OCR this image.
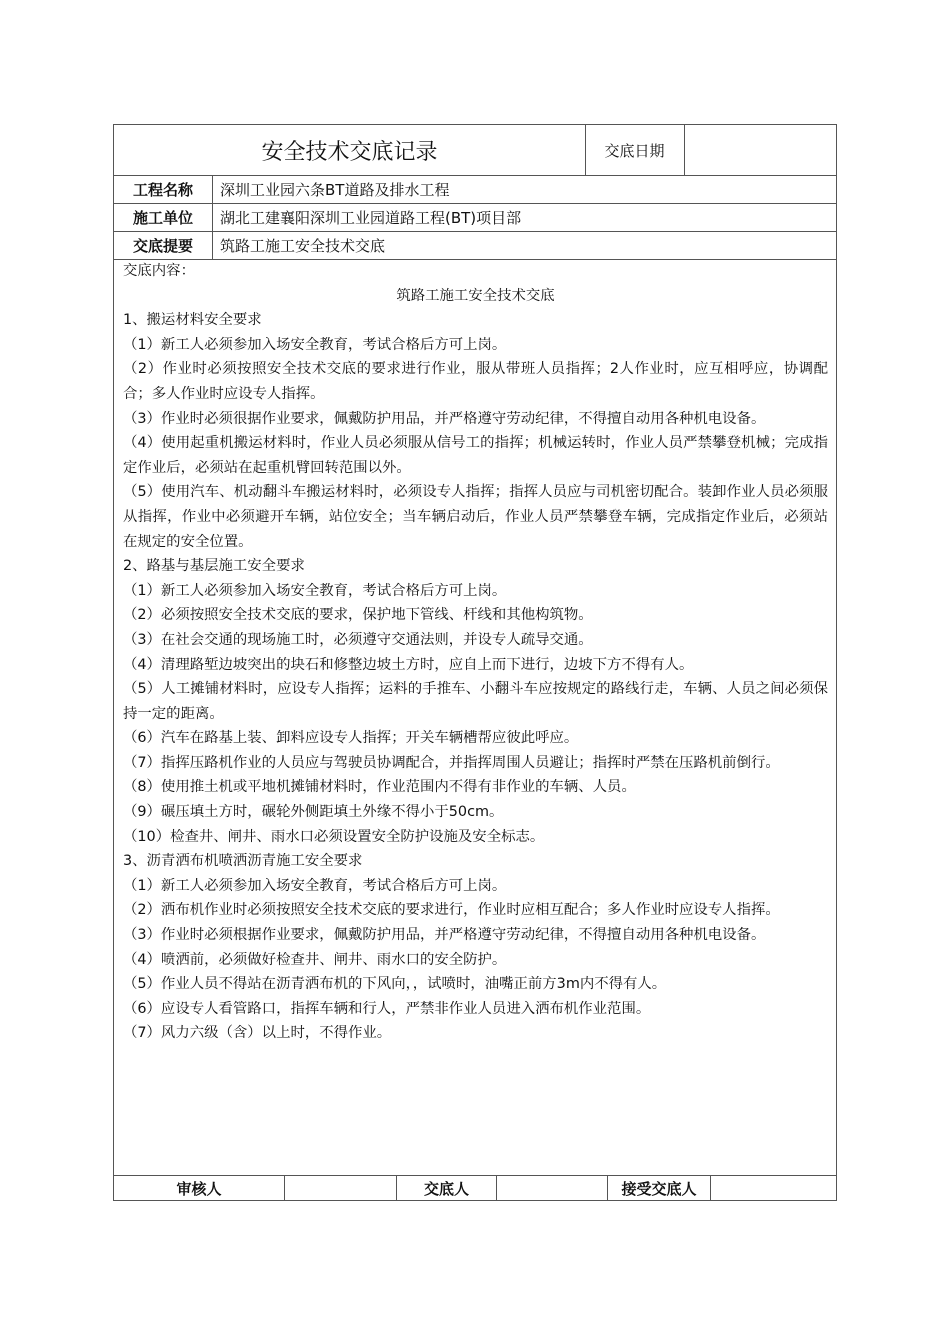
安全技术交底记录	交底日期
工程名称	深圳工业园六条BT道路及排水工程
施工单位	湖北工建襄阳深圳工业园道路工程(BT)项目部
交底提要	筑路工施工安全技术交底

交底内容：

筑路工施工安全技术交底

1、搬运材料安全要求

（1）新工人必须参加入场安全教育，考试合格后方可上岗。

（2）作业时必须按照安全技术交底的要求进行作业，服从带班人员指挥；2人作业时，应互相呼应，协调配合；多人作业时应设专人指挥。

（3）作业时必须很据作业要求，佩戴防护用品，并严格遵守劳动纪律，不得擅自动用各种机电设备。

（4）使用起重机搬运材料时，作业人员必须服从信号工的指挥；机械运转时，作业人员严禁攀登机械；完成指定作业后，必须站在起重机臂回转范围以外。

（5）使用汽车、机动翻斗车搬运材料时，必须设专人指挥；指挥人员应与司机密切配合。装卸作业人员必须服从指挥，作业中必须避开车辆，站位安全；当车辆启动后，作业人员严禁攀登车辆，完成指定作业后，必须站在规定的安全位置。

2、路基与基层施工安全要求

（1）新工人必须参加入场安全教育，考试合格后方可上岗。

（2）必须按照安全技术交底的要求，保护地下管线、杆线和其他构筑物。

（3）在社会交通的现场施工时，必须遵守交通法则，并设专人疏导交通。

（4）清理路堑边坡突出的块石和修整边坡土方时，应自上而下进行，边坡下方不得有人。

（5）人工摊铺材料时，应设专人指挥；运料的手推车、小翻斗车应按规定的路线行走，车辆、人员之间必须保持一定的距离。

（6）汽车在路基上装、卸料应设专人指挥；开关车辆槽帮应彼此呼应。

（7）指挥压路机作业的人员应与驾驶员协调配合，并指挥周围人员避让；指挥时严禁在压路机前倒行。

（8）使用推土机或平地机摊铺材料时，作业范围内不得有非作业的车辆、人员。

（9）碾压填土方时，碾轮外侧距填土外缘不得小于50cm。

（10）检查井、闸井、雨水口必须设置安全防护设施及安全标志。

3、沥青洒布机喷洒沥青施工安全要求

（1）新工人必须参加入场安全教育，考试合格后方可上岗。

（2）洒布机作业时必须按照安全技术交底的要求进行，作业时应相互配合；多人作业时应设专人指挥。

（3）作业时必须根据作业要求，佩戴防护用品，并严格遵守劳动纪律，不得擅自动用各种机电设备。

（4）喷洒前，必须做好检查井、闸井、雨水口的安全防护。

（5）作业人员不得站在沥青洒布机的下风向，，试喷时，油嘴正前方3m内不得有人。

（6）应设专人看管路口，指挥车辆和行人，严禁非作业人员进入洒布机作业范围。

（7）风力六级（含）以上时，不得作业。

审核人	交底人	接受交底人
